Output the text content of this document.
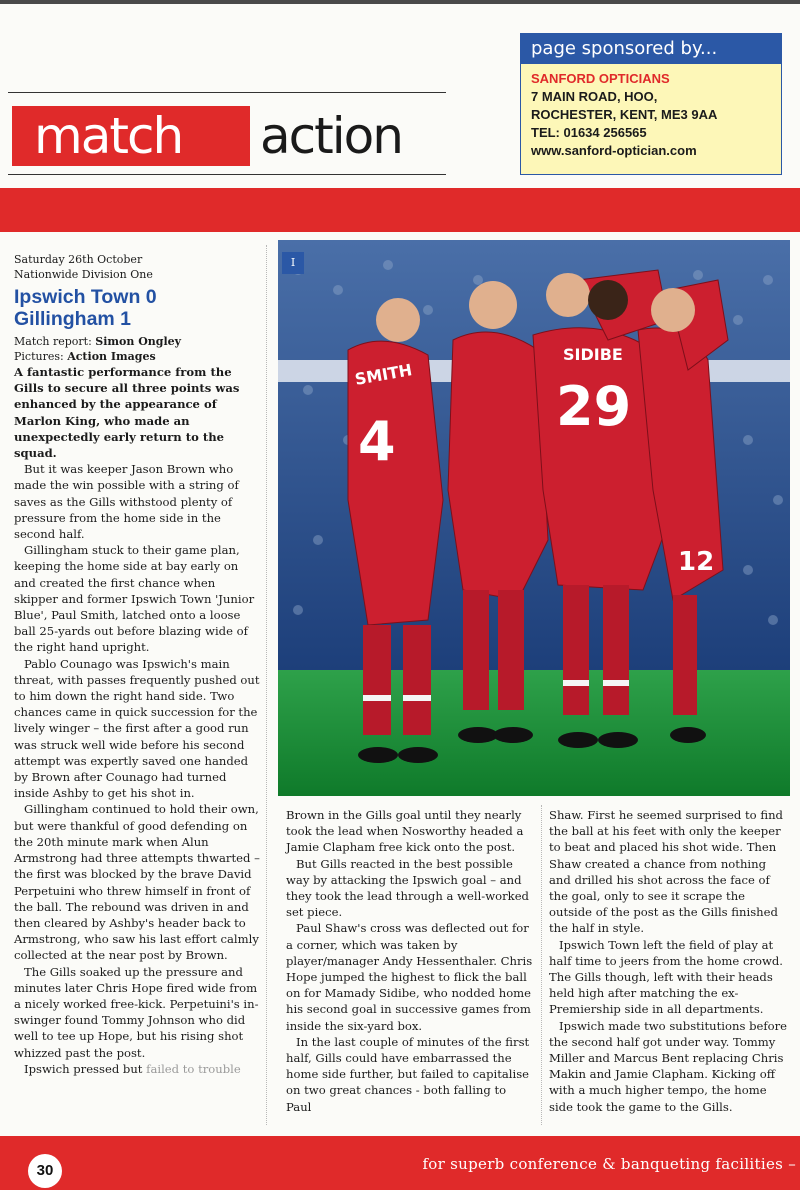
match	action
page sponsored by...
SANFORD OPTICIANS
7 MAIN ROAD, HOO,
ROCHESTER, KENT, ME3 9AA
TEL: 01634 256565
www.sanford-optician.com
Saturday 26th October
Nationwide Division One
Ipswich Town 0
Gillingham 1
Match report: Simon Ongley
Pictures: Action Images

A fantastic performance from the Gills to secure all three points was enhanced by the appearance of Marlon King, who made an unexpectedly early return to the squad.

But it was keeper Jason Brown who made the win possible with a string of saves as the Gills withstood plenty of pressure from the home side in the second half.

Gillingham stuck to their game plan, keeping the home side at bay early on and created the first chance when skipper and former Ipswich Town 'Junior Blue', Paul Smith, latched onto a loose ball 25-yards out before blazing wide of the right hand upright.

Pablo Counago was Ipswich's main threat, with passes frequently pushed out to him down the right hand side. Two chances came in quick succession for the lively winger – the first after a good run was struck well wide before his second attempt was expertly saved one handed by Brown after Counago had turned inside Ashby to get his shot in.

Gillingham continued to hold their own, but were thankful of good defending on the 20th minute mark when Alun Armstrong had three attempts thwarted – the first was blocked by the brave David Perpetuini who threw himself in front of the ball. The rebound was driven in and then cleared by Ashby's header back to Armstrong, who saw his last effort calmly collected at the near post by Brown.

The Gills soaked up the pressure and minutes later Chris Hope fired wide from a nicely worked free-kick. Perpetuini's in-swinger found Tommy Johnson who did well to tee up Hope, but his rising shot whizzed past the post.

Ipswich pressed but failed to trouble

SMITH
4
SIDIBE
29
12
I

Brown in the Gills goal until they nearly took the lead when Nosworthy headed a Jamie Clapham free kick onto the post.

But Gills reacted in the best possible way by attacking the Ipswich goal – and they took the lead through a well-worked set piece.

Paul Shaw's cross was deflected out for a corner, which was taken by player/manager Andy Hessenthaler. Chris Hope jumped the highest to flick the ball on for Mamady Sidibe, who nodded home his second goal in successive games from inside the six-yard box.

In the last couple of minutes of the first half, Gills could have embarrassed the home side further, but failed to capitalise on two great chances - both falling to Paul

Shaw. First he seemed surprised to find the ball at his feet with only the keeper to beat and placed his shot wide. Then Shaw created a chance from nothing and drilled his shot across the face of the goal, only to see it scrape the outside of the post as the Gills finished the half in style.

Ipswich Town left the field of play at half time to jeers from the home crowd. The Gills though, left with their heads held high after matching the ex-Premiership side in all departments.

Ipswich made two substitutions before the second half got under way. Tommy Miller and Marcus Bent replacing Chris Makin and Jamie Clapham. Kicking off with a much higher tempo, the home side took the game to the Gills.

30	for superb conference & banqueting facilities –
